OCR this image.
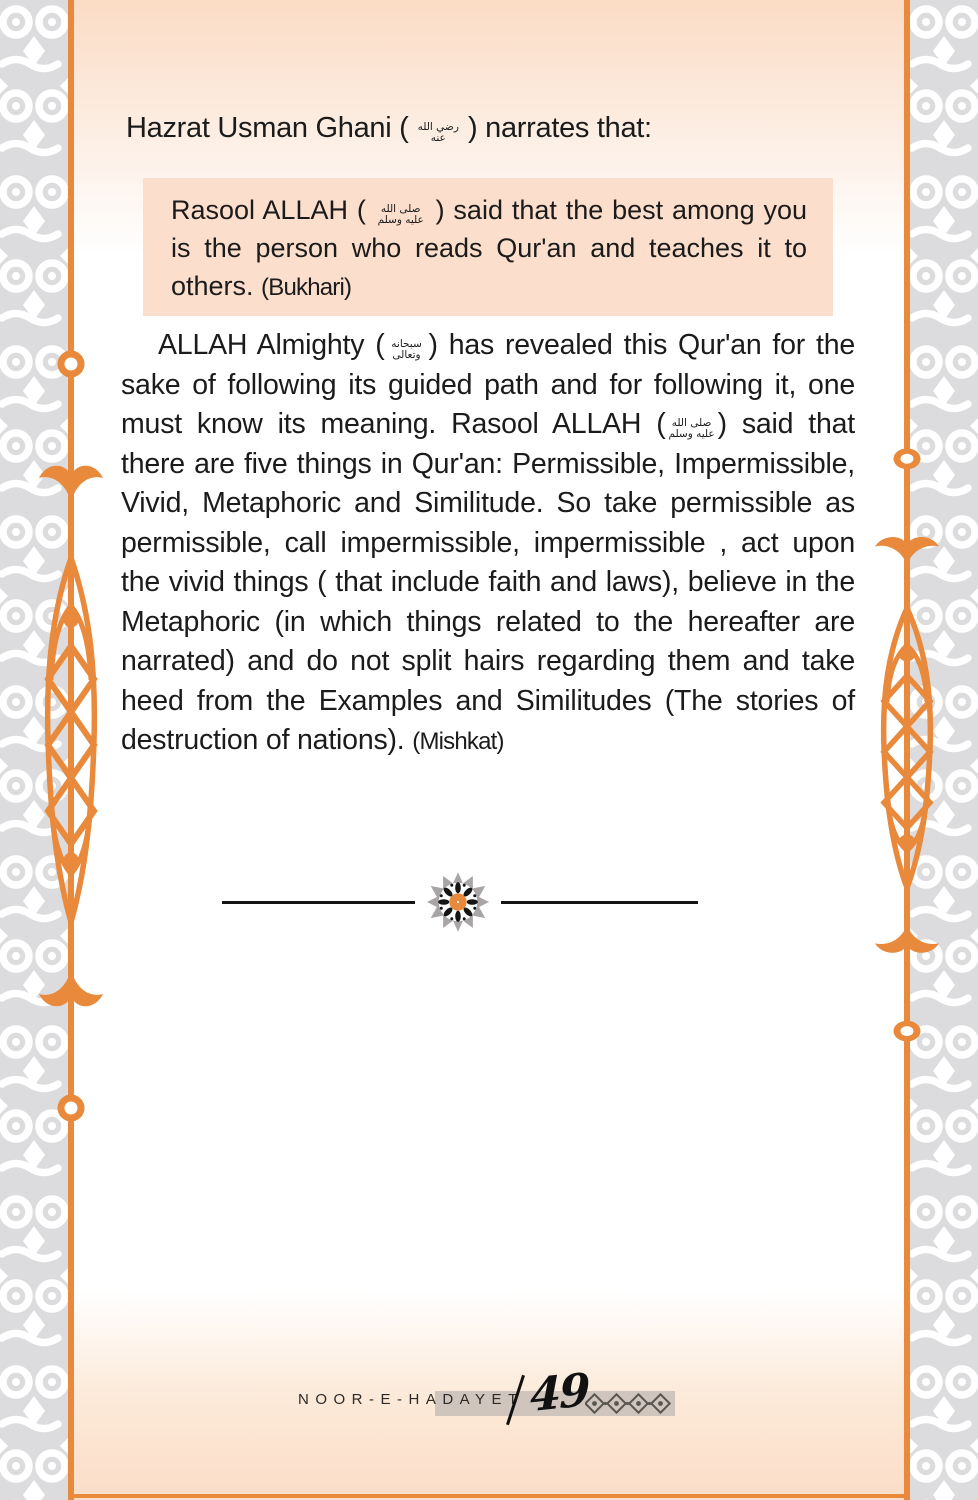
Hazrat Usman Ghani ( رضي الله عنه ) narrates that:
Rasool ALLAH ( صلى الله عليه وسلم ) said that the best among you is the person who reads Qur'an and teaches it to others. (Bukhari)

ALLAH Almighty ( سبحانه وتعالى ) has revealed this Qur'an for the sake of following its guided path and for following it, one must know its meaning. Rasool ALLAH ( صلى الله عليه وسلم ) said that there are five things in Qur'an: Permissible, Impermissible, Vivid, Metaphoric and Similitude. So take permissible as permissible, call impermissible, impermissible , act upon the vivid things ( that include faith and laws), believe in the Metaphoric (in which things related to the hereafter are narrated) and do not split hairs regarding them and take heed from the Examples and Similitudes (The stories of destruction of nations). (Mishkat)

NOOR-E-HADAYET 49
